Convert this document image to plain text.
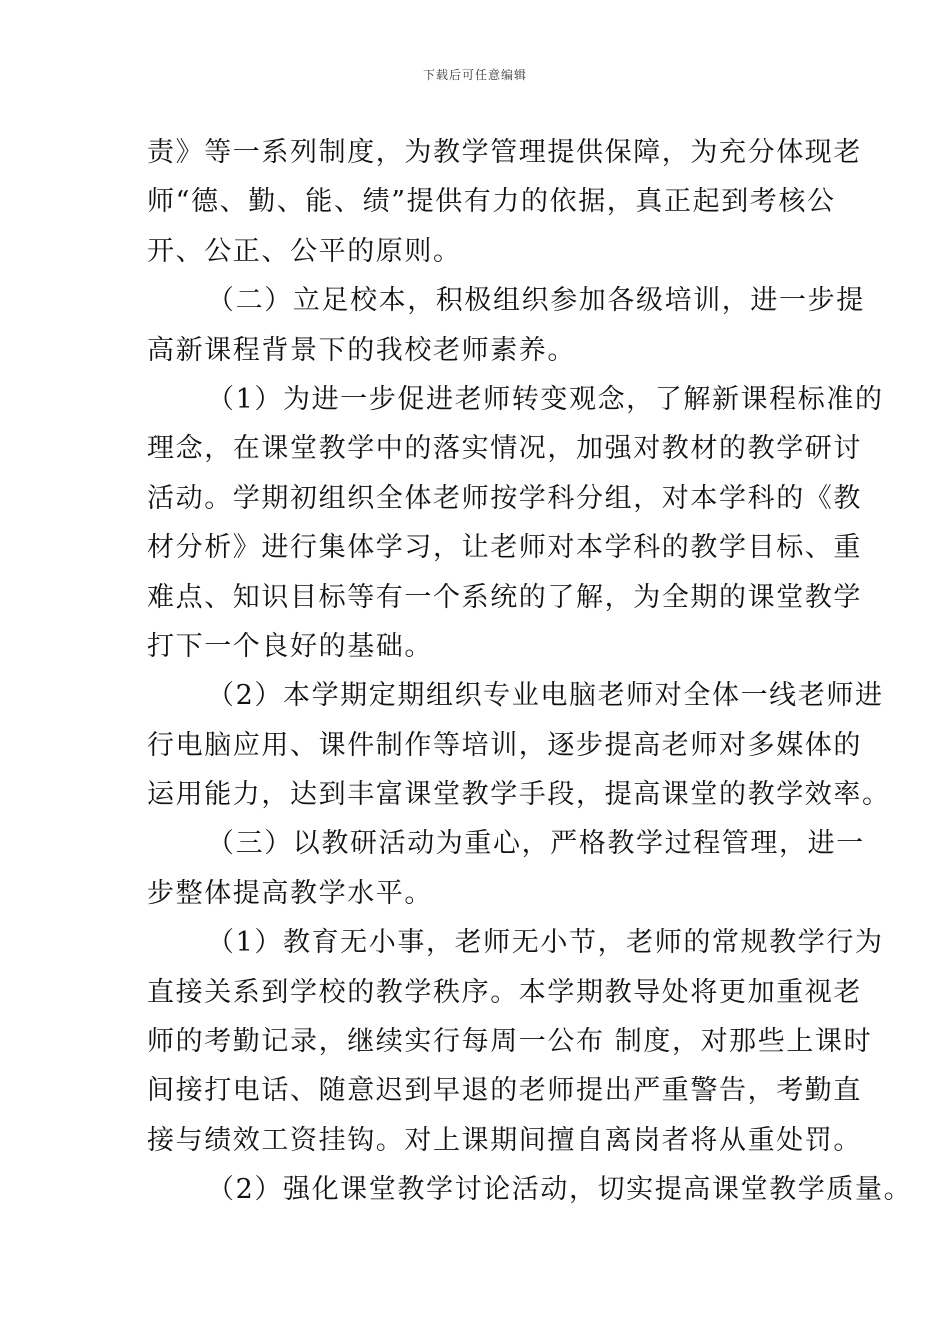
下载后可任意编辑
责》等一系列制度，为教学管理提供保障，为充分体现老
师“德、勤、能、绩”提供有力的依据，真正起到考核公
开、公正、公平的原则。
（二）立足校本，积极组织参加各级培训，进一步提
高新课程背景下的我校老师素养。
（1）为进一步促进老师转变观念，了解新课程标准的
理念，在课堂教学中的落实情况，加强对教材的教学研讨
活动。学期初组织全体老师按学科分组，对本学科的《教
材分析》进行集体学习，让老师对本学科的教学目标、重
难点、知识目标等有一个系统的了解，为全期的课堂教学
打下一个良好的基础。
（2）本学期定期组织专业电脑老师对全体一线老师进
行电脑应用、课件制作等培训，逐步提高老师对多媒体的
运用能力，达到丰富课堂教学手段，提高课堂的教学效率。
（三）以教研活动为重心，严格教学过程管理，进一
步整体提高教学水平。
（1）教育无小事，老师无小节，老师的常规教学行为
直接关系到学校的教学秩序。本学期教导处将更加重视老
师的考勤记录，继续实行每周一公布 制度，对那些上课时
间接打电话、随意迟到早退的老师提出严重警告，考勤直
接与绩效工资挂钩。对上课期间擅自离岗者将从重处罚。
（2）强化课堂教学讨论活动，切实提高课堂教学质量。
